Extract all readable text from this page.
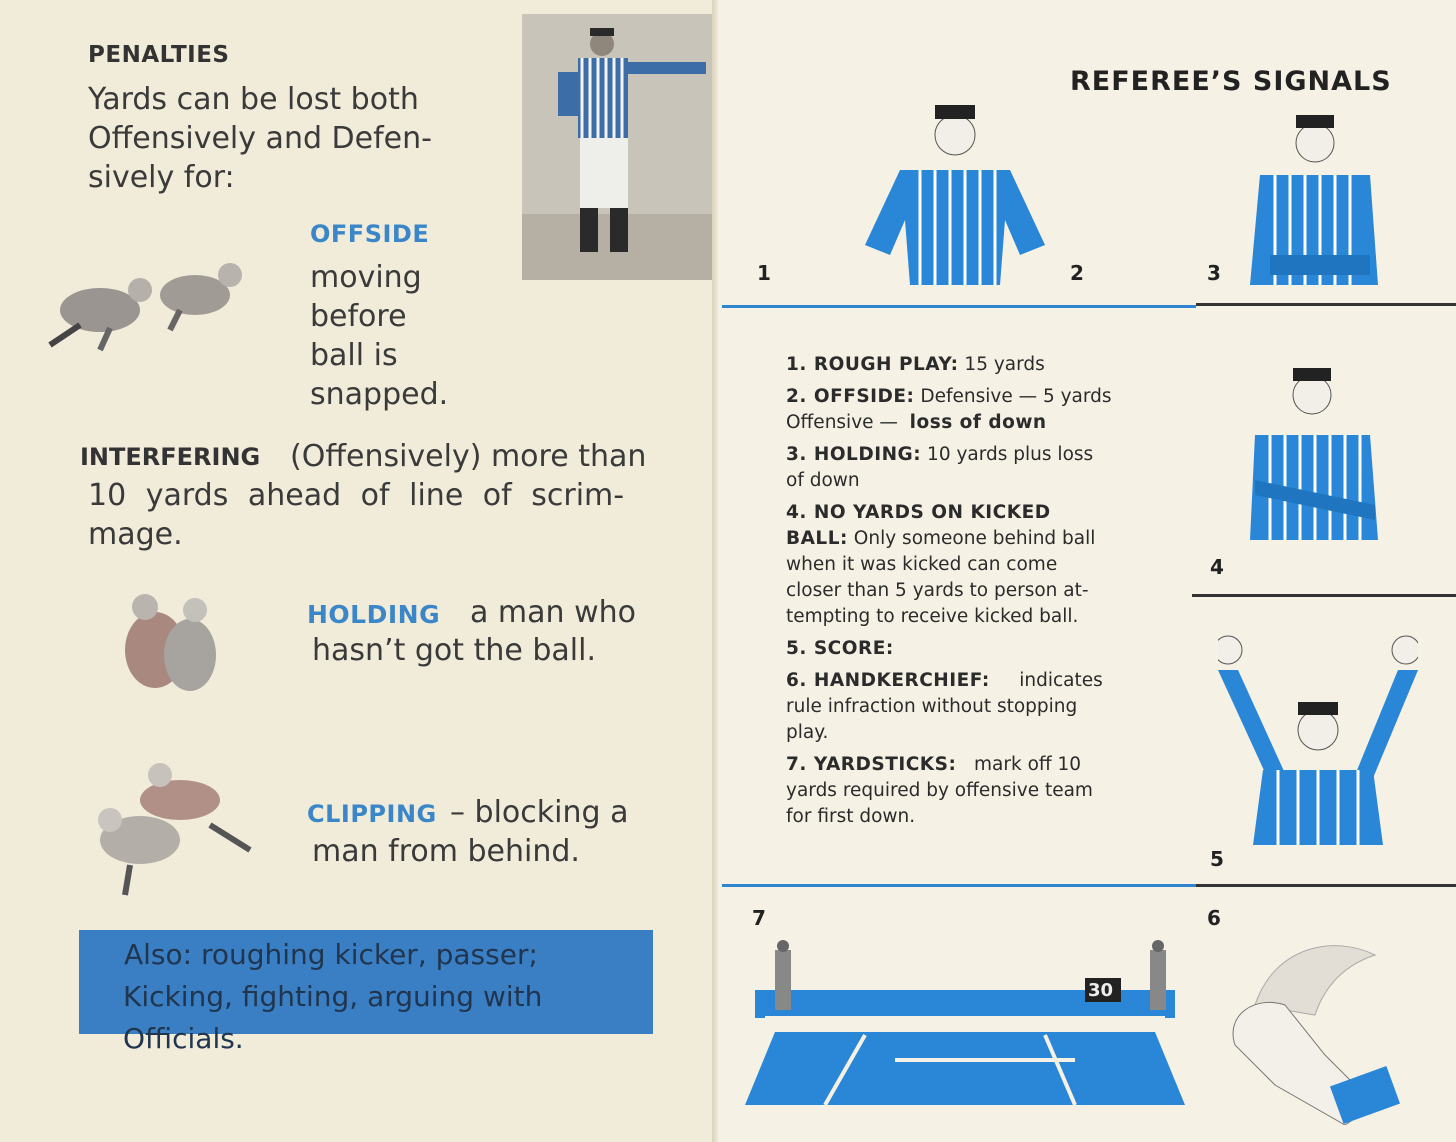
PENALTIES

Yards can be lost both

Offensively and Defen-

sively for:

OFFSIDE

moving

before

ball is

snapped.

INTERFERING (Offensively) more than

10 yards ahead of line of scrim-

mage.

HOLDING a man who

hasn’t got the ball.

CLIPPING – blocking a

man from behind.

Also: roughing kicker, passer;
Kicking, fighting, arguing with
Officials.
REFEREE’S SIGNALS
1	2	3
1. ROUGH PLAY: 15 yards
2. OFFSIDE: Defensive — 5 yards
Offensive — loss of down
3. HOLDING: 10 yards plus loss
of down
4. NO YARDS ON KICKED
BALL: Only someone behind ball
when it was kicked can come
closer than 5 yards to person at-
tempting to receive kicked ball.
5. SCORE:
6. HANDKERCHIEF: indicates
rule infraction without stopping
play.
7. YARDSTICKS: mark off 10
yards required by offensive team
for first down.
4
5
7
30
6
